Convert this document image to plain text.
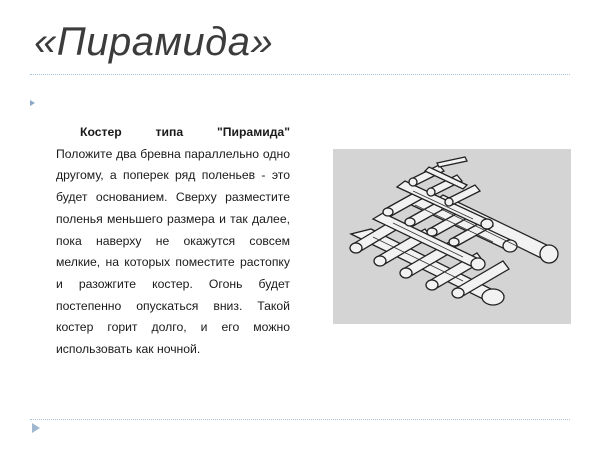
«Пирамида»
Костер типа "Пирамида"
Положите два бревна параллельно одно другому, а поперек ряд поленьев - это будет основанием. Сверху разместите поленья меньшего размера и так далее, пока наверху не окажутся совсем мелкие, на которых поместите растопку и разожгите костер. Огонь будет постепенно опускаться вниз. Такой костер горит долго, и его можно использовать как ночной.
